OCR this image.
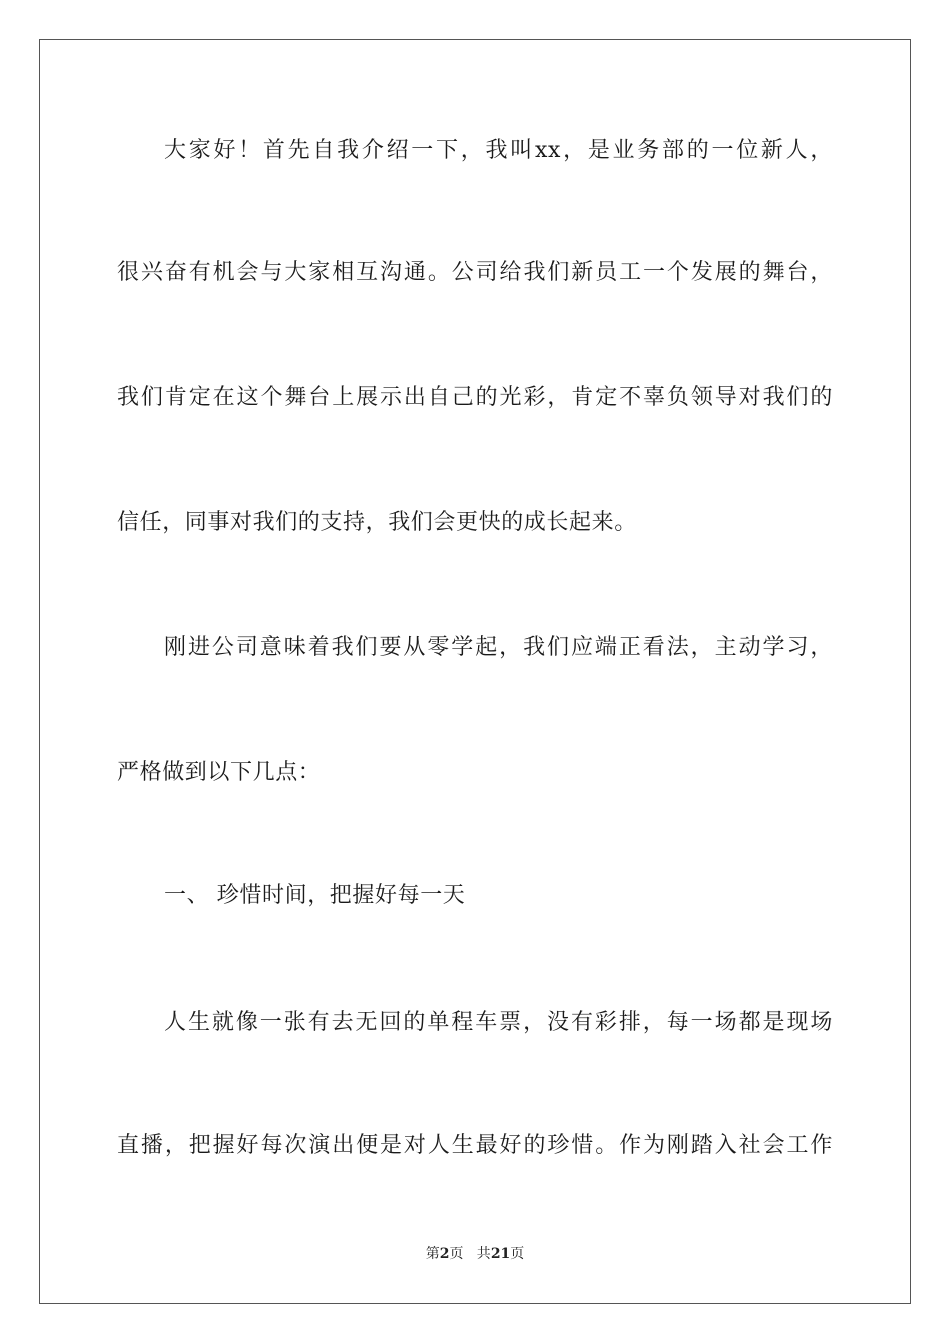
大家好！首先自我介绍一下，我叫xx，是业务部的一位新人，
很兴奋有机会与大家相互沟通。公司给我们新员工一个发展的舞台，
我们肯定在这个舞台上展示出自己的光彩，肯定不辜负领导对我们的
信任，同事对我们的支持，我们会更快的成长起来。
刚进公司意味着我们要从零学起，我们应端正看法，主动学习，
严格做到以下几点：
一、 珍惜时间，把握好每一天
人生就像一张有去无回的单程车票，没有彩排，每一场都是现场
直播，把握好每次演出便是对人生最好的珍惜。作为刚踏入社会工作
第2页   共21页
